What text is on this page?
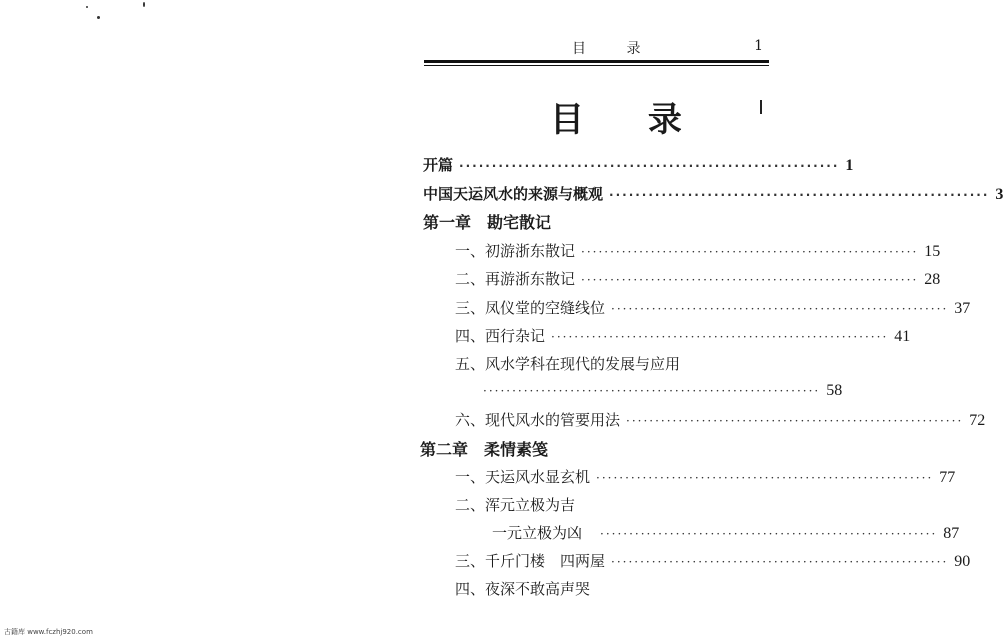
目 录	1
目 录
开篇 ·························································· 1
中国天运风水的来源与概观 ·························································· 3
第一章　勘宅散记
一、初游浙东散记 ·························································· 15
二、再游浙东散记 ·························································· 28
三、凤仪堂的空缝线位 ·························································· 37
四、西行杂记 ·························································· 41
五、风水学科在现代的发展与应用
·························································· 58
六、现代风水的管要用法 ·························································· 72
第二章　柔情素笺
一、天运风水显玄机 ·························································· 77
二、浑元立极为吉
一元立极为凶 ·························································· 87
三、千斤门楼　四两屋 ·························································· 90
四、夜深不敢高声哭
古籍库 www.fczhj920.com
